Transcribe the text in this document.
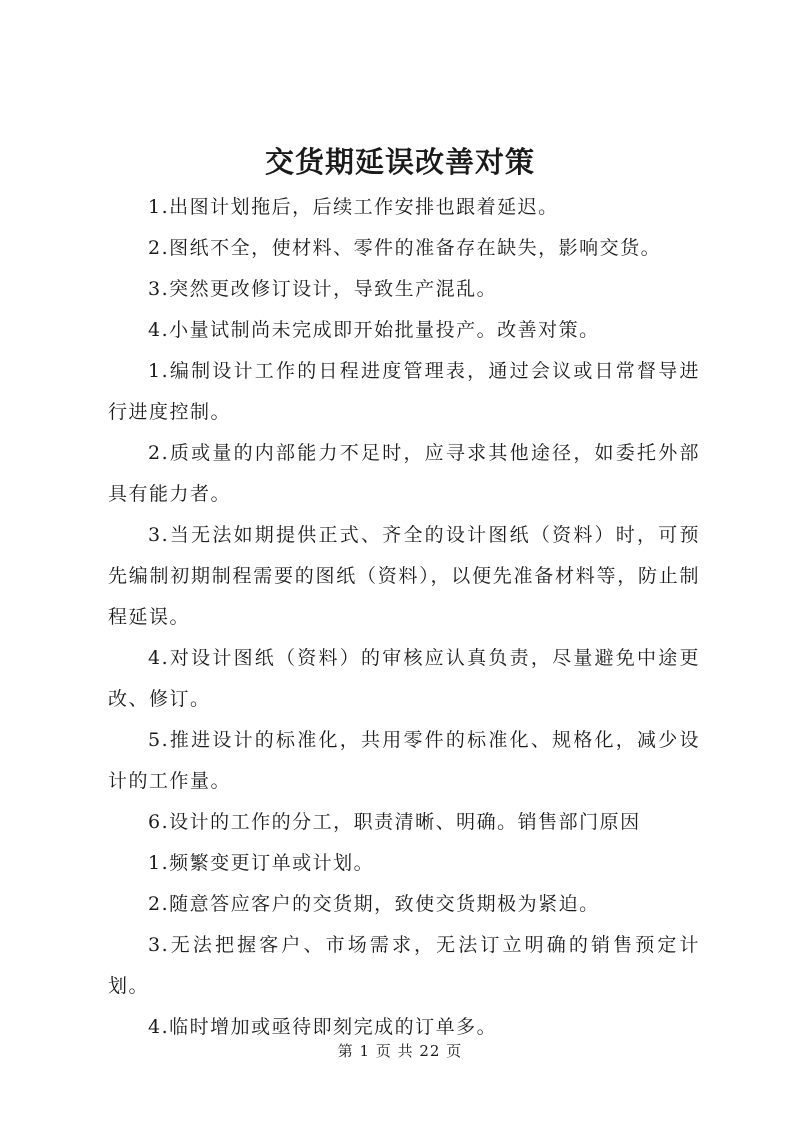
交货期延误改善对策

1.出图计划拖后，后续工作安排也跟着延迟。

2.图纸不全，使材料、零件的准备存在缺失，影响交货。

3.突然更改修订设计，导致生产混乱。

4.小量试制尚未完成即开始批量投产。改善对策。

1.编制设计工作的日程进度管理表，通过会议或日常督导进行进度控制。

2.质或量的内部能力不足时，应寻求其他途径，如委托外部具有能力者。

3.当无法如期提供正式、齐全的设计图纸（资料）时，可预先编制初期制程需要的图纸（资料），以便先准备材料等，防止制程延误。

4.对设计图纸（资料）的审核应认真负责，尽量避免中途更改、修订。

5.推进设计的标准化，共用零件的标准化、规格化，减少设计的工作量。

6.设计的工作的分工，职责清晰、明确。销售部门原因

1.频繁变更订单或计划。

2.随意答应客户的交货期，致使交货期极为紧迫。

3.无法把握客户、市场需求，无法订立明确的销售预定计划。

4.临时增加或亟待即刻完成的订单多。

第 1 页 共 22 页
